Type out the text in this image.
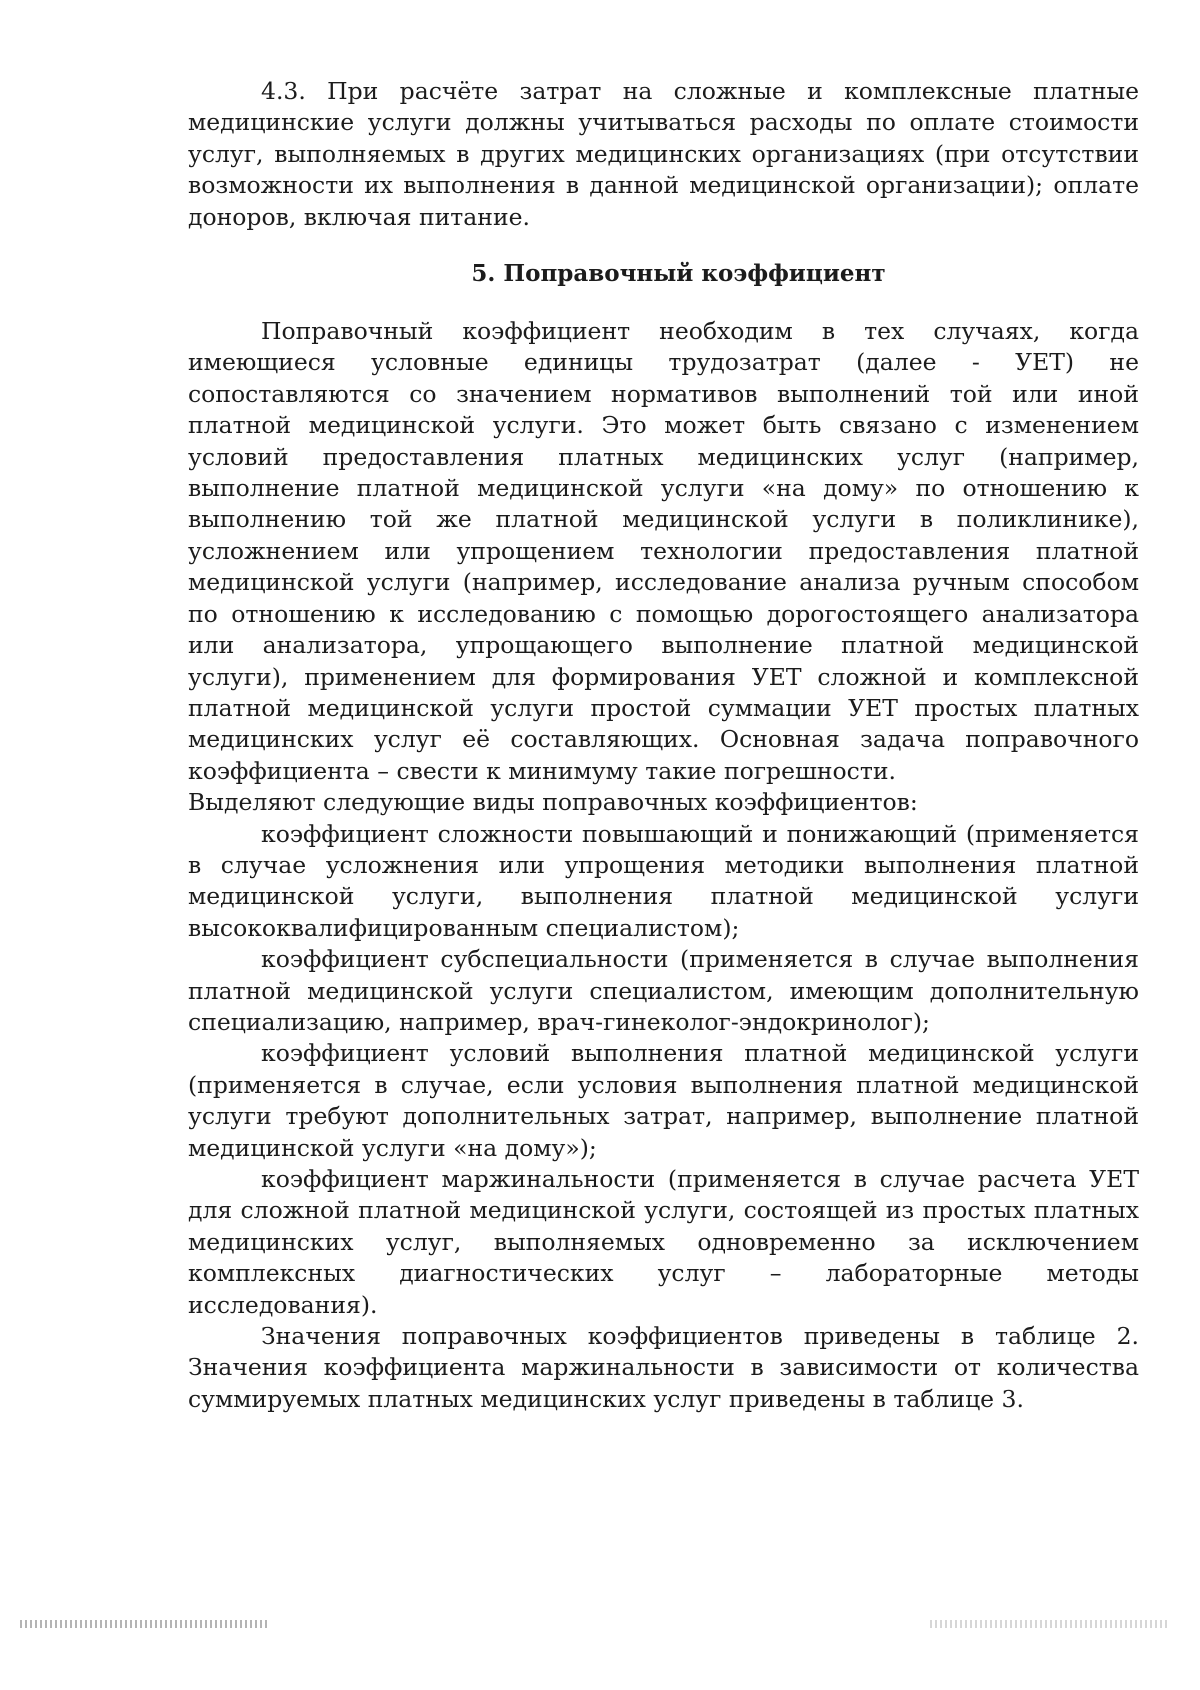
4.3. При расчёте затрат на сложные и комплексные платные медицинские услуги должны учитываться расходы по оплате стоимости услуг, выполняемых в других медицинских организациях (при отсутствии возможности их выполнения в данной медицинской организации); оплате доноров, включая питание.

5. Поправочный коэффициент

Поправочный коэффициент необходим в тех случаях, когда имеющиеся условные единицы трудозатрат (далее - УЕТ) не сопоставляются со значением нормативов выполнений той или иной платной медицинской услуги. Это может быть связано с изменением условий предоставления платных медицинских услуг (например, выполнение платной медицинской услуги «на дому» по отношению к выполнению той же платной медицинской услуги в поликлинике), усложнением или упрощением технологии предоставления платной медицинской услуги (например, исследование анализа ручным способом по отношению к исследованию с помощью дорогостоящего анализатора или анализатора, упрощающего выполнение платной медицинской услуги), применением для формирования УЕТ сложной и комплексной платной медицинской услуги простой суммации УЕТ простых платных медицинских услуг её составляющих. Основная задача поправочного коэффициента – свести к минимуму такие погрешности.

Выделяют следующие виды поправочных коэффициентов:

коэффициент сложности повышающий и понижающий (применяется в случае усложнения или упрощения методики выполнения платной медицинской услуги, выполнения платной медицинской услуги высококвалифицированным специалистом);

коэффициент субспециальности (применяется в случае выполнения платной медицинской услуги специалистом, имеющим дополнительную специализацию, например, врач-гинеколог-эндокринолог);

коэффициент условий выполнения платной медицинской услуги (применяется в случае, если условия выполнения платной медицинской услуги требуют дополнительных затрат, например, выполнение платной медицинской услуги «на дому»);

коэффициент маржинальности (применяется в случае расчета УЕТ для сложной платной медицинской услуги, состоящей из простых платных медицинских услуг, выполняемых одновременно за исключением комплексных диагностических услуг – лабораторные методы исследования).

Значения поправочных коэффициентов приведены в таблице 2. Значения коэффициента маржинальности в зависимости от количества суммируемых платных медицинских услуг приведены в таблице 3.
